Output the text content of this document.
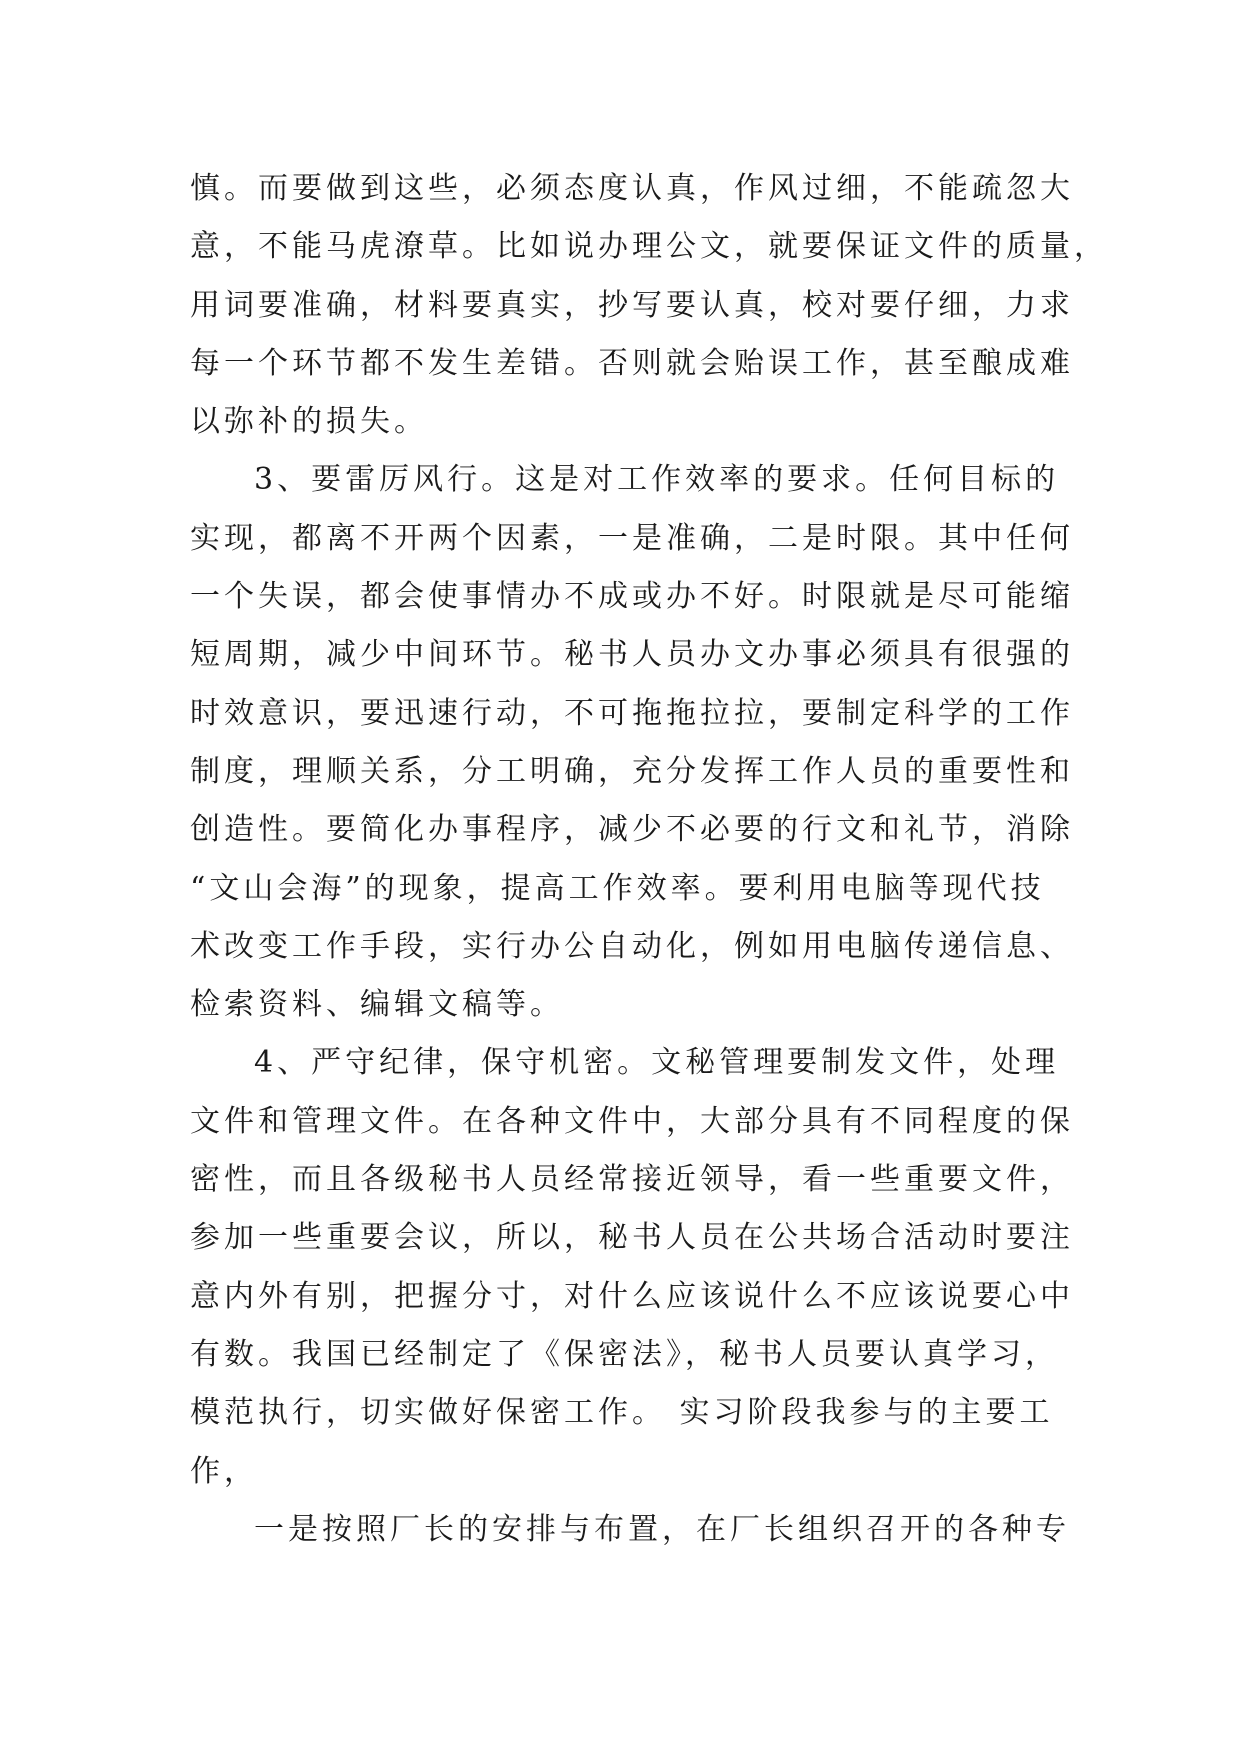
慎。而要做到这些，必须态度认真，作风过细，不能疏忽大
意，不能马虎潦草。比如说办理公文，就要保证文件的质量，
用词要准确，材料要真实，抄写要认真，校对要仔细，力求
每一个环节都不发生差错。否则就会贻误工作，甚至酿成难
以弥补的损失。
3、要雷厉风行。这是对工作效率的要求。任何目标的
实现，都离不开两个因素，一是准确，二是时限。其中任何
一个失误，都会使事情办不成或办不好。时限就是尽可能缩
短周期，减少中间环节。秘书人员办文办事必须具有很强的
时效意识，要迅速行动，不可拖拖拉拉，要制定科学的工作
制度，理顺关系，分工明确，充分发挥工作人员的重要性和
创造性。要简化办事程序，减少不必要的行文和礼节，消除
“文山会海”的现象，提高工作效率。要利用电脑等现代技
术改变工作手段，实行办公自动化，例如用电脑传递信息、
检索资料、编辑文稿等。
4、严守纪律，保守机密。文秘管理要制发文件，处理
文件和管理文件。在各种文件中，大部分具有不同程度的保
密性，而且各级秘书人员经常接近领导，看一些重要文件，
参加一些重要会议，所以，秘书人员在公共场合活动时要注
意内外有别，把握分寸，对什么应该说什么不应该说要心中
有数。我国已经制定了《保密法》，秘书人员要认真学习，
模范执行，切实做好保密工作。 实习阶段我参与的主要工
作，
一是按照厂长的安排与布置，在厂长组织召开的各种专
